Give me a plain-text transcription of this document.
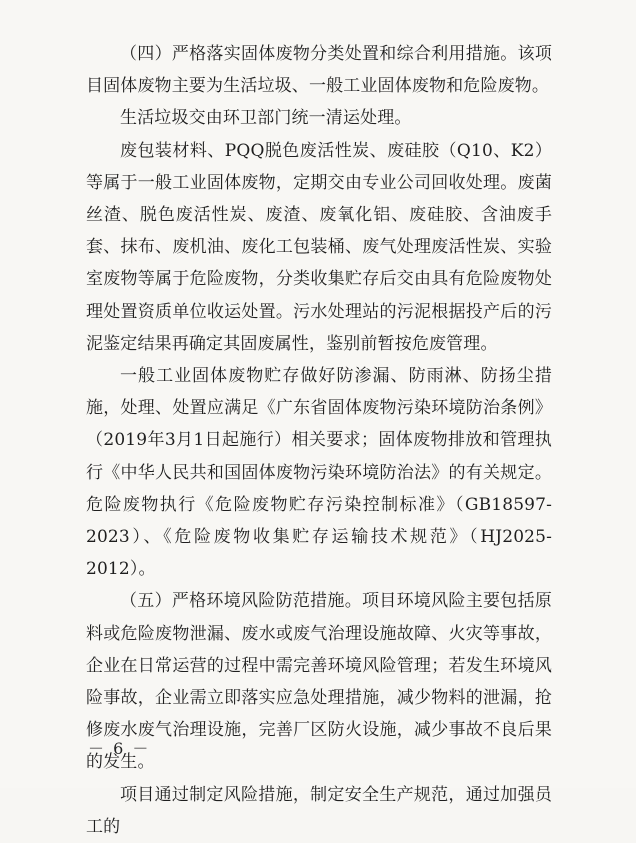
（四）严格落实固体废物分类处置和综合利用措施。该项目固体废物主要为生活垃圾、一般工业固体废物和危险废物。

生活垃圾交由环卫部门统一清运处理。

废包装材料、PQQ脱色废活性炭、废硅胶（Q10、K2）等属于一般工业固体废物，定期交由专业公司回收处理。废菌丝渣、脱色废活性炭、废渣、废氧化铝、废硅胶、含油废手套、抹布、废机油、废化工包装桶、废气处理废活性炭、实验室废物等属于危险废物，分类收集贮存后交由具有危险废物处理处置资质单位收运处置。污水处理站的污泥根据投产后的污泥鉴定结果再确定其固废属性，鉴别前暂按危废管理。

一般工业固体废物贮存做好防渗漏、防雨淋、防扬尘措施，处理、处置应满足《广东省固体废物污染环境防治条例》（2019年3月1日起施行）相关要求；固体废物排放和管理执行《中华人民共和国固体废物污染环境防治法》的有关规定。危险废物执行《危险废物贮存污染控制标准》（GB18597-2023）、《危险废物收集贮存运输技术规范》（HJ2025-2012）。

（五）严格环境风险防范措施。项目环境风险主要包括原料或危险废物泄漏、废水或废气治理设施故障、火灾等事故，企业在日常运营的过程中需完善环境风险管理；若发生环境风险事故，企业需立即落实应急处理措施，减少物料的泄漏，抢修废水废气治理设施，完善厂区防火设施，减少事故不良后果的发生。

项目通过制定风险措施，制定安全生产规范，通过加强员工的

－ 6 －
